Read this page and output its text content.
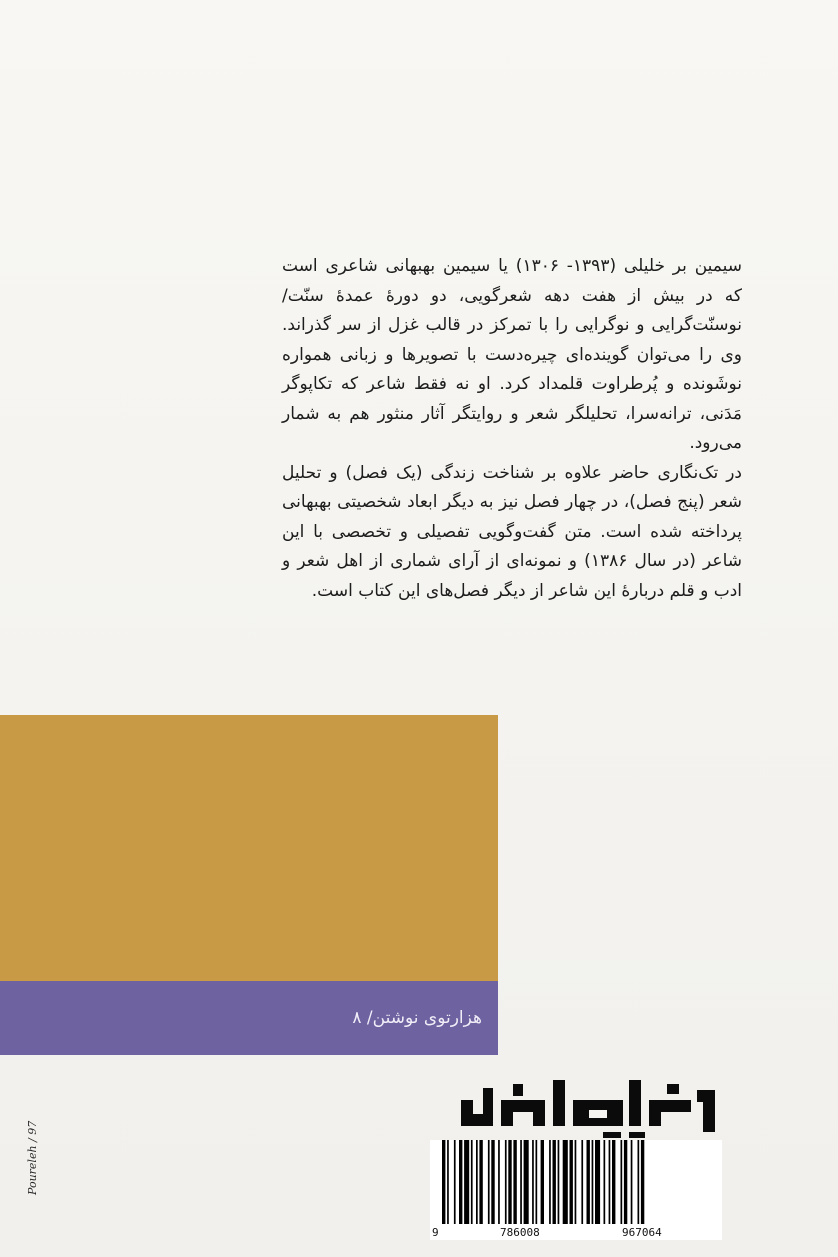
سیمین بر خلیلی (۱۳۹۳- ۱۳۰۶) یا سیمین بهبهانی شاعری است که در بیش از هفت دهه شعرگویی، دو دورهٔ عمدهٔ سنّت/ نوسنّت‌گرایی و نوگرایی را با تمرکز در قالب غزل از سر گذراند. وی را می‌توان گوینده‌ای چیره‌دست با تصویرها و زبانی همواره نوشَونده و پُرطراوت قلمداد کرد. او نه فقط شاعر که تکاپوگر مَدَنی، ترانه‌سرا، تحلیلگر شعر و روایتگر آثار منثور هم به شمار می‌رود.

در تک‌نگاری حاضر علاوه بر شناخت زندگی (یک فصل) و تحلیل شعر (پنج فصل)، در چهار فصل نیز به دیگر ابعاد شخصیتی بهبهانی پرداخته شده است. متن گفت‌وگویی تفصیلی و تخصصی با این شاعر (در سال ۱۳۸۶) و نمونه‌ای از آرای شماری از اهل شعر و ادب و قلم دربارهٔ این شاعر از دیگر فصل‌های این کتاب است.

هزارتوی نوشتن/ ۸
9	786008	967064
Poureleh / 97
